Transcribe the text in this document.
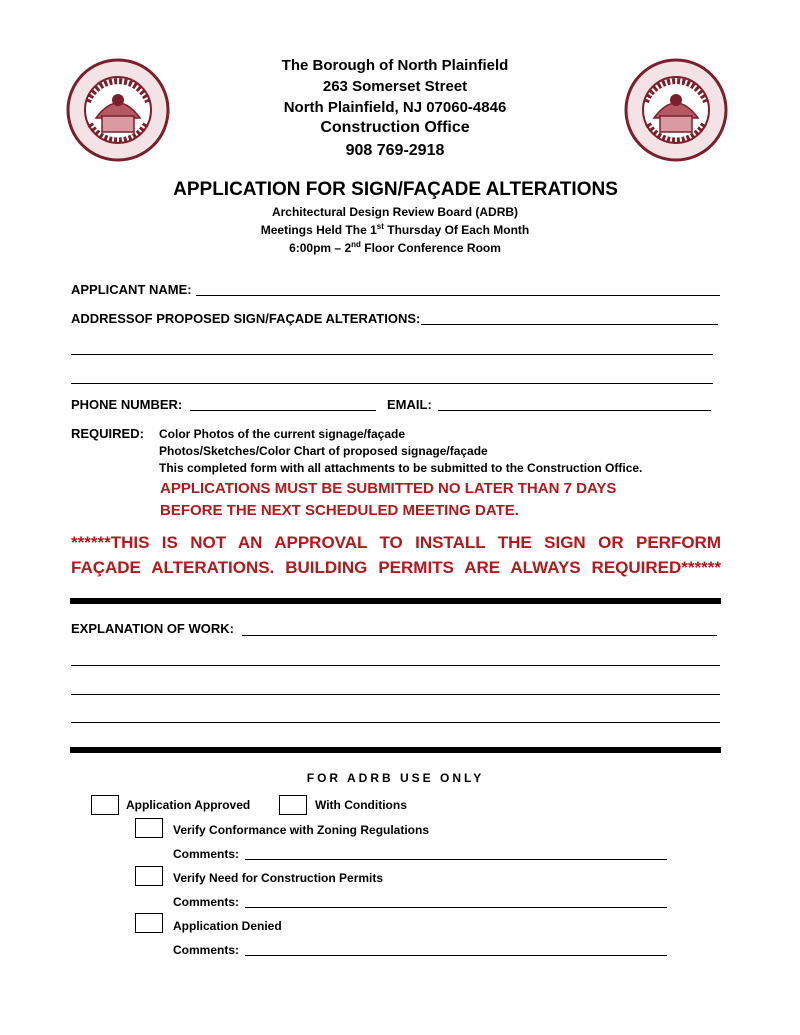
The Borough of North Plainfield
263 Somerset Street
North Plainfield, NJ 07060-4846
Construction Office
908 769-2918
APPLICATION FOR SIGN/FAÇADE ALTERATIONS
Architectural Design Review Board (ADRB)
Meetings Held The 1st Thursday Of Each Month
6:00pm – 2nd Floor Conference Room
APPLICANT NAME:
ADDRESSOF PROPOSED SIGN/FAÇADE ALTERATIONS:
PHONE NUMBER:	EMAIL:
REQUIRED: Color Photos of the current signage/façade
Photos/Sketches/Color Chart of proposed signage/façade
This completed form with all attachments to be submitted to the Construction Office.
APPLICATIONS MUST BE SUBMITTED NO LATER THAN 7 DAYS
BEFORE THE NEXT SCHEDULED MEETING DATE.
******THIS IS NOT AN APPROVAL TO INSTALL THE SIGN OR PERFORM
FAÇADE ALTERATIONS. BUILDING PERMITS ARE ALWAYS REQUIRED******
EXPLANATION OF WORK:
FOR ADRB USE ONLY
Application Approved	With Conditions
Verify Conformance with Zoning Regulations
Comments:
Verify Need for Construction Permits
Comments:
Application Denied
Comments:
